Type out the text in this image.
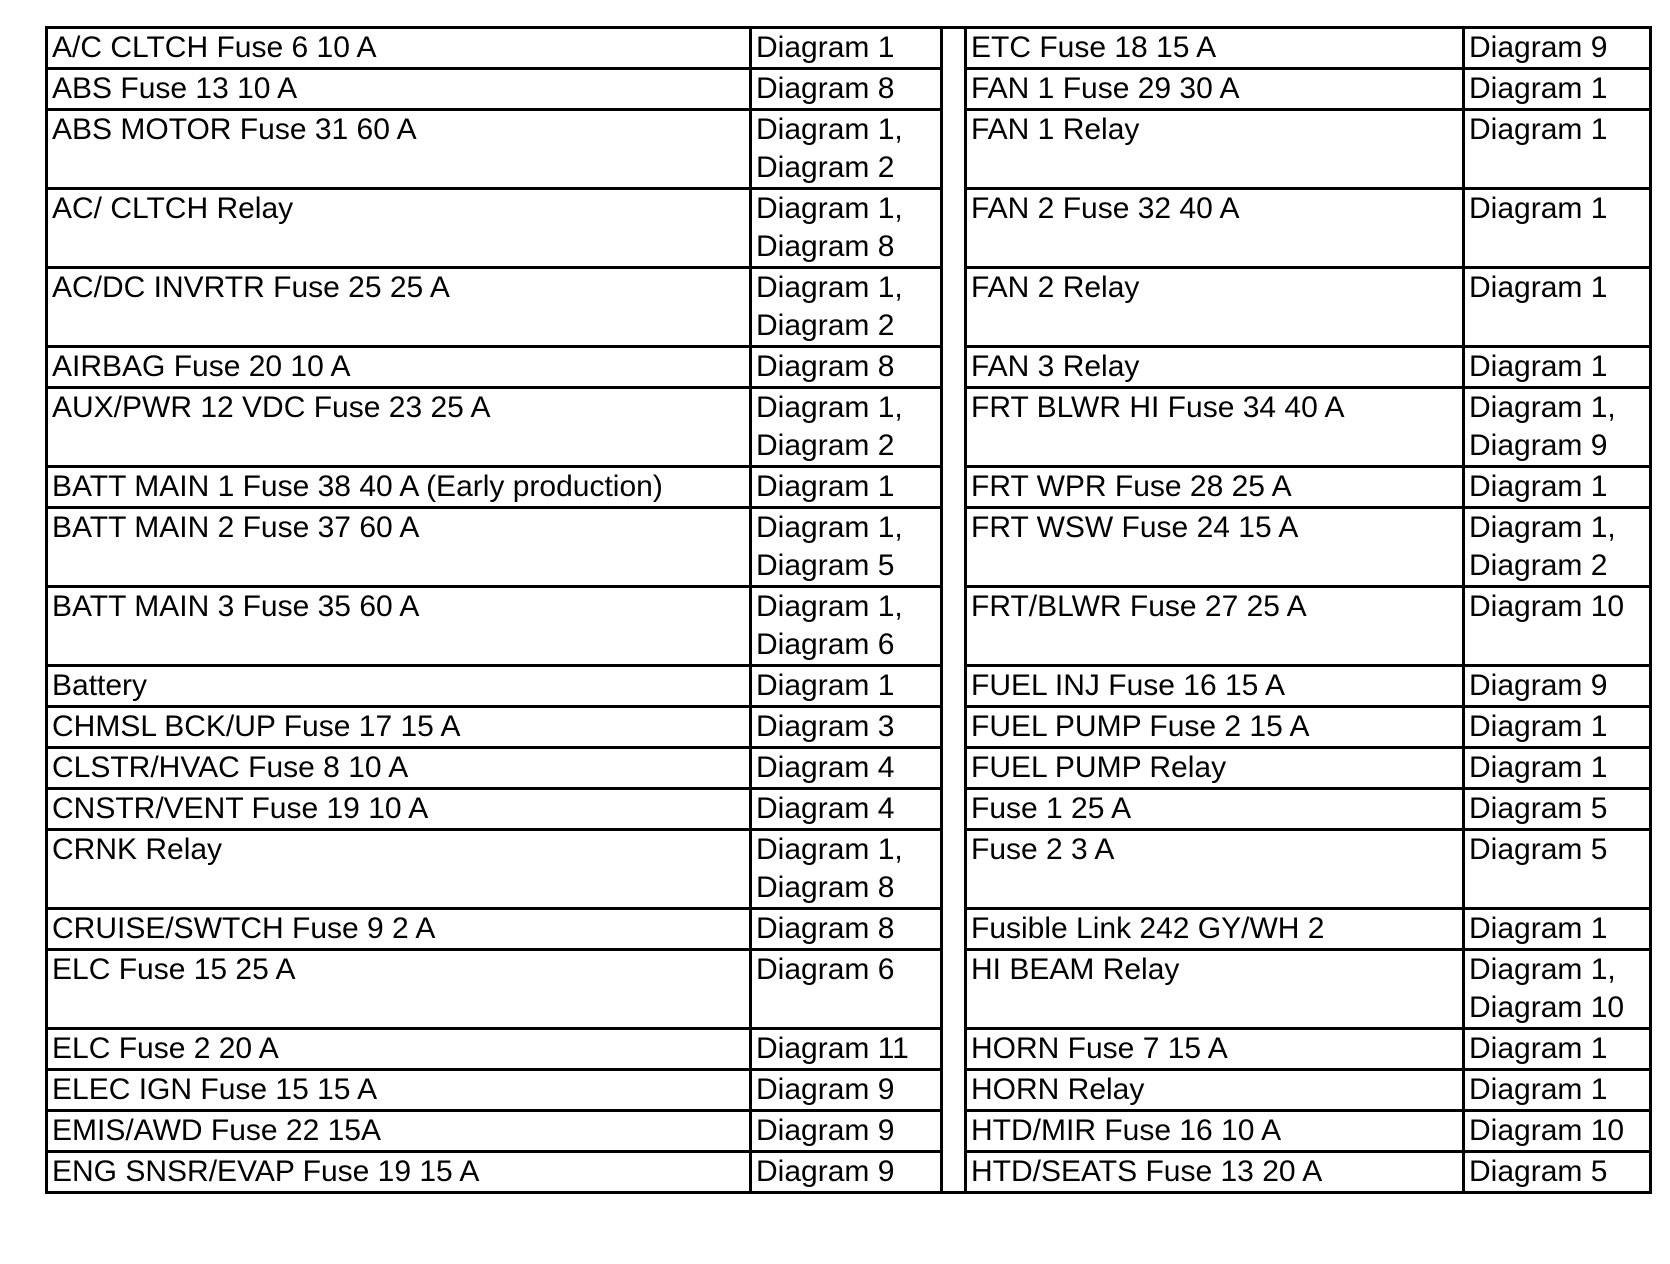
A/C CLTCH Fuse 6 10 A	Diagram 1
ABS Fuse 13 10 A	Diagram 8
ABS MOTOR Fuse 31 60 A	Diagram 1,
Diagram 2
AC/ CLTCH Relay	Diagram 1,
Diagram 8
AC/DC INVRTR Fuse 25 25 A	Diagram 1,
Diagram 2
AIRBAG Fuse 20 10 A	Diagram 8
AUX/PWR 12 VDC Fuse 23 25 A	Diagram 1,
Diagram 2
BATT MAIN 1 Fuse 38 40 A (Early production)	Diagram 1
BATT MAIN 2 Fuse 37 60 A	Diagram 1,
Diagram 5
BATT MAIN 3 Fuse 35 60 A	Diagram 1,
Diagram 6
Battery	Diagram 1
CHMSL BCK/UP Fuse 17 15 A	Diagram 3
CLSTR/HVAC Fuse 8 10 A	Diagram 4
CNSTR/VENT Fuse 19 10 A	Diagram 4
CRNK Relay	Diagram 1,
Diagram 8
CRUISE/SWTCH Fuse 9 2 A	Diagram 8
ELC Fuse 15 25 A	Diagram 6
ELC Fuse 2 20 A	Diagram 11
ELEC IGN Fuse 15 15 A	Diagram 9
EMIS/AWD Fuse 22 15A	Diagram 9
ENG SNSR/EVAP Fuse 19 15 A	Diagram 9
ETC Fuse 18 15 A	Diagram 9
FAN 1 Fuse 29 30 A	Diagram 1
FAN 1 Relay	Diagram 1
FAN 2 Fuse 32 40 A	Diagram 1
FAN 2 Relay	Diagram 1
FAN 3 Relay	Diagram 1
FRT BLWR HI Fuse 34 40 A	Diagram 1,
Diagram 9
FRT WPR Fuse 28 25 A	Diagram 1
FRT WSW Fuse 24 15 A	Diagram 1,
Diagram 2
FRT/BLWR Fuse 27 25 A	Diagram 10
FUEL INJ Fuse 16 15 A	Diagram 9
FUEL PUMP Fuse 2 15 A	Diagram 1
FUEL PUMP Relay	Diagram 1
Fuse 1 25 A	Diagram 5
Fuse 2 3 A	Diagram 5
Fusible Link 242 GY/WH 2	Diagram 1
HI BEAM Relay	Diagram 1,
Diagram 10
HORN Fuse 7 15 A	Diagram 1
HORN Relay	Diagram 1
HTD/MIR Fuse 16 10 A	Diagram 10
HTD/SEATS Fuse 13 20 A	Diagram 5
